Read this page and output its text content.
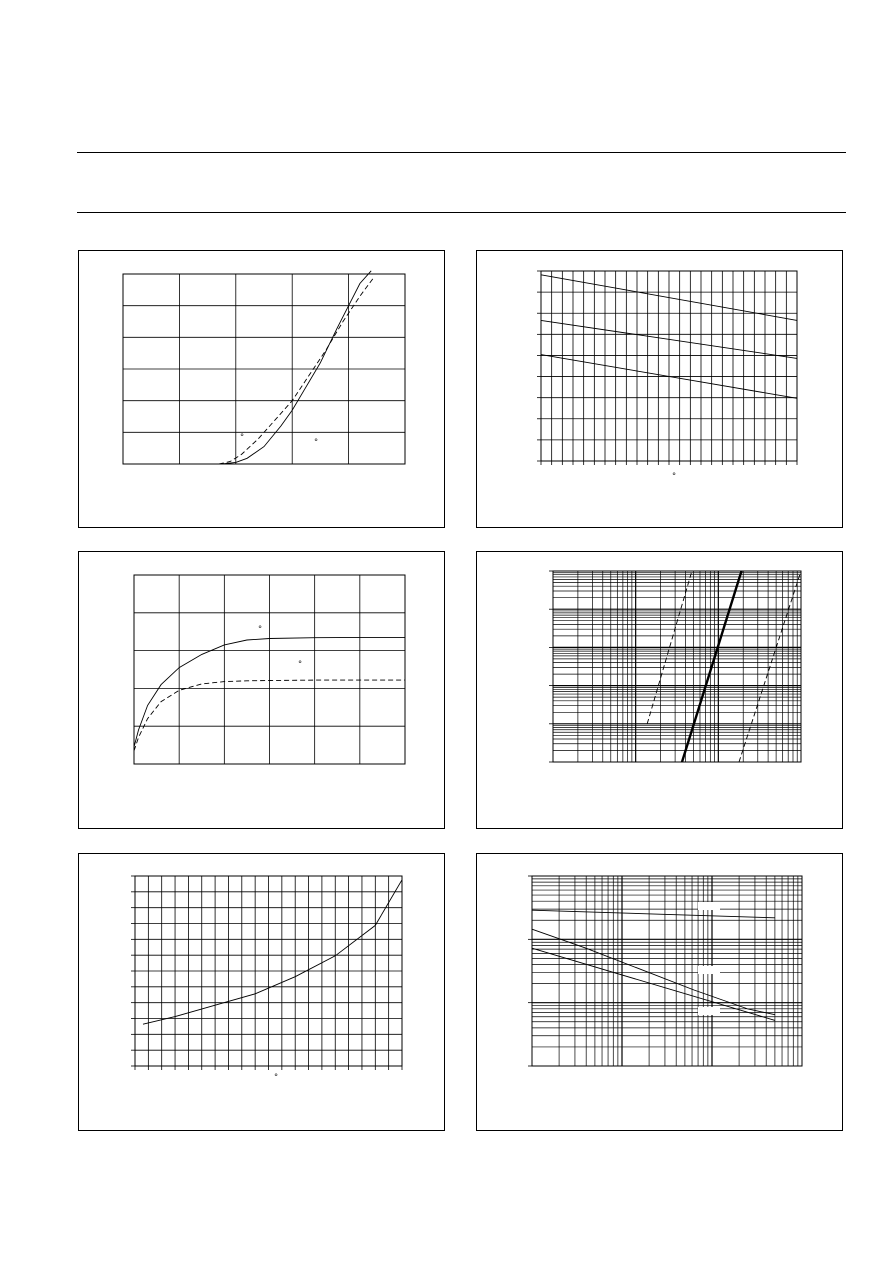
°	°
°
°
°
°
